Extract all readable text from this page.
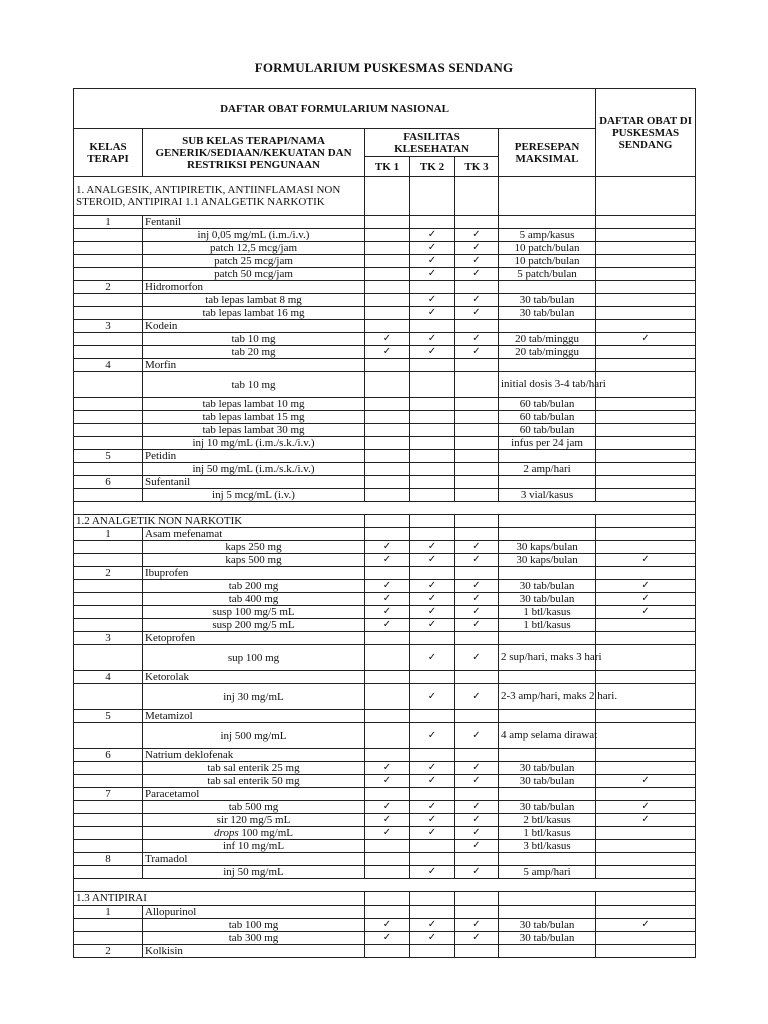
FORMULARIUM PUSKESMAS SENDANG
DAFTAR OBAT FORMULARIUM NASIONAL						DAFTAR OBAT DI PUSKESMAS SENDANG
KELAS TERAPI	SUB KELAS TERAPI/NAMA GENERIK/SEDIAAN/KEKUATAN DAN RESTRIKSI PENGUNAAN	FASILITAS KLESEHATAN			PERESEPAN MAKSIMAL	
		TK 1	TK 2	TK 3		
1. ANALGESIK, ANTIPIRETIK, ANTIINFLAMASI NON STEROID, ANTIPIRAI 1.1 ANALGETIK NARKOTIK						
1	Fentanil					
	inj 0,05 mg/mL (i.m./i.v.)		✓	✓	5 amp/kasus	
	patch 12,5 mcg/jam		✓	✓	10 patch/bulan	
	patch 25 mcg/jam		✓	✓	10 patch/bulan	
	patch 50 mcg/jam		✓	✓	5 patch/bulan	
2	Hidromorfon					
	tab lepas lambat 8 mg		✓	✓	30 tab/bulan	
	tab lepas lambat 16 mg		✓	✓	30 tab/bulan	
3	Kodein					
	tab 10 mg	✓	✓	✓	20 tab/minggu	✓
	tab 20 mg	✓	✓	✓	20 tab/minggu	
4	Morfin					
	tab 10 mg				initial dosis 3-4 tab/hari	
	tab lepas lambat 10 mg				60 tab/bulan	
	tab lepas lambat 15 mg				60 tab/bulan	
	tab lepas lambat 30 mg				60 tab/bulan	
	inj 10 mg/mL (i.m./s.k./i.v.)				infus per 24 jam	
5	Petidin					
	inj 50 mg/mL (i.m./s.k./i.v.)				2 amp/hari	
6	Sufentanil					
	inj 5 mcg/mL (i.v.)				3 vial/kasus	

1.2 ANALGETIK NON NARKOTIK						
1	Asam mefenamat					
	kaps 250 mg	✓	✓	✓	30 kaps/bulan	
	kaps 500 mg	✓	✓	✓	30 kaps/bulan	✓
2	Ibuprofen					
	tab 200 mg	✓	✓	✓	30 tab/bulan	✓
	tab 400 mg	✓	✓	✓	30 tab/bulan	✓
	susp 100 mg/5 mL	✓	✓	✓	1 btl/kasus	✓
	susp 200 mg/5 mL	✓	✓	✓	1 btl/kasus	
3	Ketoprofen					
	sup 100 mg		✓	✓	2 sup/hari, maks 3 hari	
4	Ketorolak					
	inj 30 mg/mL		✓	✓	2-3 amp/hari, maks 2 hari.	
5	Metamizol					
	inj 500 mg/mL		✓	✓	4 amp selama dirawat	
6	Natrium deklofenak					
	tab sal enterik 25 mg	✓	✓	✓	30 tab/bulan	
	tab sal enterik 50 mg	✓	✓	✓	30 tab/bulan	✓
7	Paracetamol					
	tab 500 mg	✓	✓	✓	30 tab/bulan	✓
	sir 120 mg/5 mL	✓	✓	✓	2 btl/kasus	✓
	drops 100 mg/mL	✓	✓	✓	1 btl/kasus	
	inf 10 mg/mL			✓	3 btl/kasus	
8	Tramadol					
	inj 50 mg/mL		✓	✓	5 amp/hari	

1.3 ANTIPIRAI						
1	Allopurinol					
	tab 100 mg	✓	✓	✓	30 tab/bulan	✓
	tab 300 mg	✓	✓	✓	30 tab/bulan	
2	Kolkisin					
